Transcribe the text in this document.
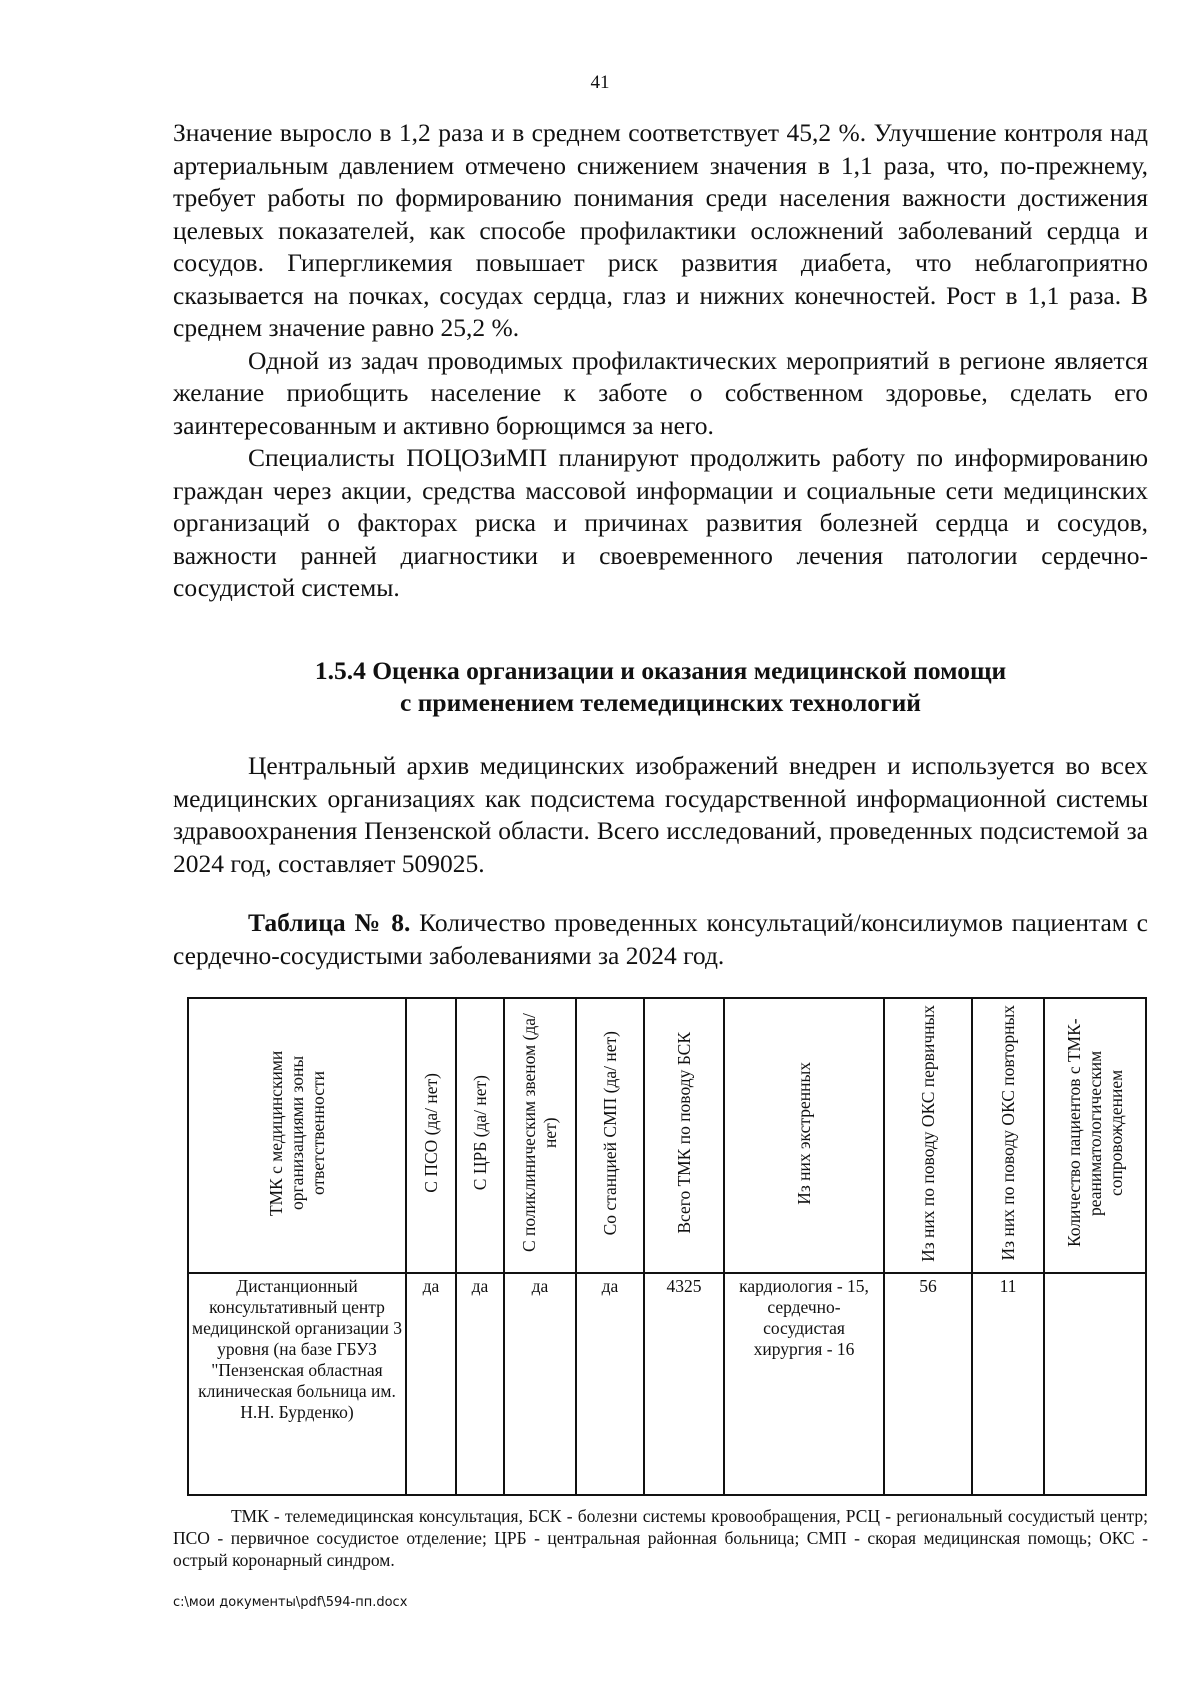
41

Значение выросло в 1,2 раза и в среднем соответствует 45,2 %. Улучшение контроля над артериальным давлением отмечено снижением значения в 1,1 раза, что, по-прежнему, требует работы по формированию понимания среди населения важности достижения целевых показателей, как способе профилактики осложнений заболеваний сердца и сосудов. Гипергликемия повышает риск развития диабета, что неблагоприятно сказывается на почках, сосудах сердца, глаз и нижних конечностей. Рост в 1,1 раза. В среднем значение равно 25,2 %.

Одной из задач проводимых профилактических мероприятий в регионе является желание приобщить население к заботе о собственном здоровье, сделать его заинтересованным и активно борющимся за него.

Специалисты ПОЦОЗиМП планируют продолжить работу по информированию граждан через акции, средства массовой информации и социальные сети медицинских организаций о факторах риска и причинах развития болезней сердца и сосудов, важности ранней диагностики и своевременного лечения патологии сердечно-сосудистой системы.

1.5.4 Оценка организации и оказания медицинской помощи
с применением телемедицинских технологий

Центральный архив медицинских изображений внедрен и используется во всех медицинских организациях как подсистема государственной информационной системы здравоохранения Пензенской области. Всего исследований, проведенных подсистемой за 2024 год, составляет 509025.

Таблица № 8. Количество проведенных консультаций/консилиумов пациентам с сердечно-сосудистыми заболеваниями за 2024 год.

ТМК с медицинскими организациями зоны ответственности	С ПСО (да/ нет)	С ЦРБ (да/ нет)	С поликлиническим звеном (да/ нет)	Со станцией СМП (да/ нет)	Всего ТМК по поводу БСК	Из них экстренных	Из них по поводу ОКС первичных	Из них по поводу ОКС повторных	Количество пациентов с ТМК-реаниматологическим сопровождением
Дистанционный консультативный центр медицинской организации 3 уровня (на базе ГБУЗ "Пензенская областная клиническая больница им. Н.Н. Бурденко)	да	да	да	да	4325	кардиология - 15, сердечно-сосудистая хирургия - 16	56	11	

ТМК - телемедицинская консультация, БСК - болезни системы кровообращения, РСЦ - региональный сосудистый центр; ПСО - первичное сосудистое отделение; ЦРБ - центральная районная больница; СМП - скорая медицинская помощь; ОКС - острый коронарный синдром.

c:\мои документы\pdf\594-пп.docx
